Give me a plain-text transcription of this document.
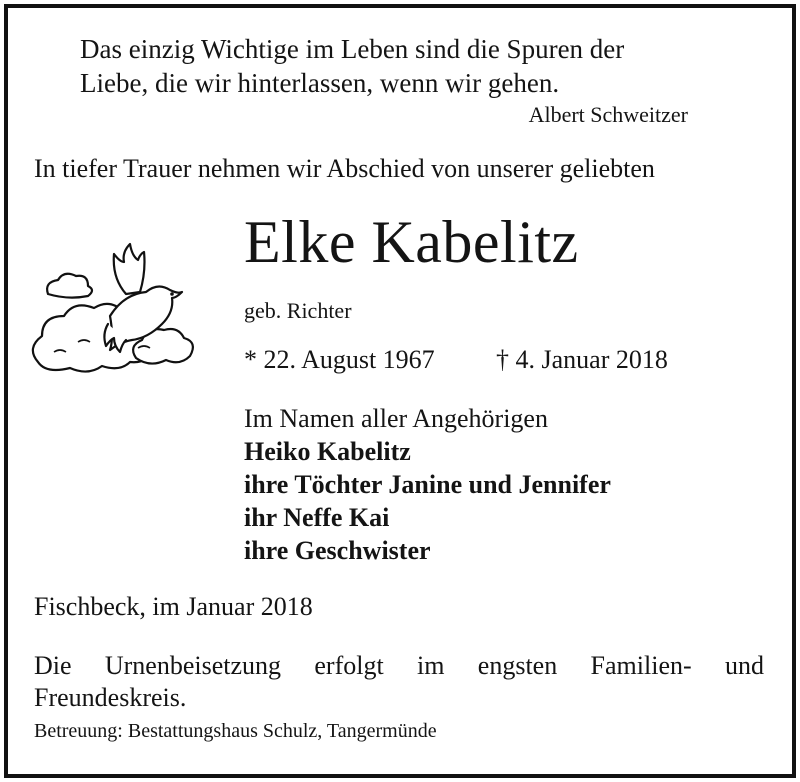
Das einzig Wichtige im Leben sind die Spuren der
Liebe, die wir hinterlassen, wenn wir gehen.
Albert Schweitzer
In tiefer Trauer nehmen wir Abschied von unserer geliebten
Elke Kabelitz
geb. Richter
* 22. August 1967 † 4. Januar 2018
Im Namen aller Angehörigen
Heiko Kabelitz
ihre Töchter Janine und Jennifer
ihr Neffe Kai
ihre Geschwister
Fischbeck, im Januar 2018
Die Urnenbeisetzung erfolgt im engsten Familien- und
Freundeskreis.
Betreuung: Bestattungshaus Schulz, Tangermünde
